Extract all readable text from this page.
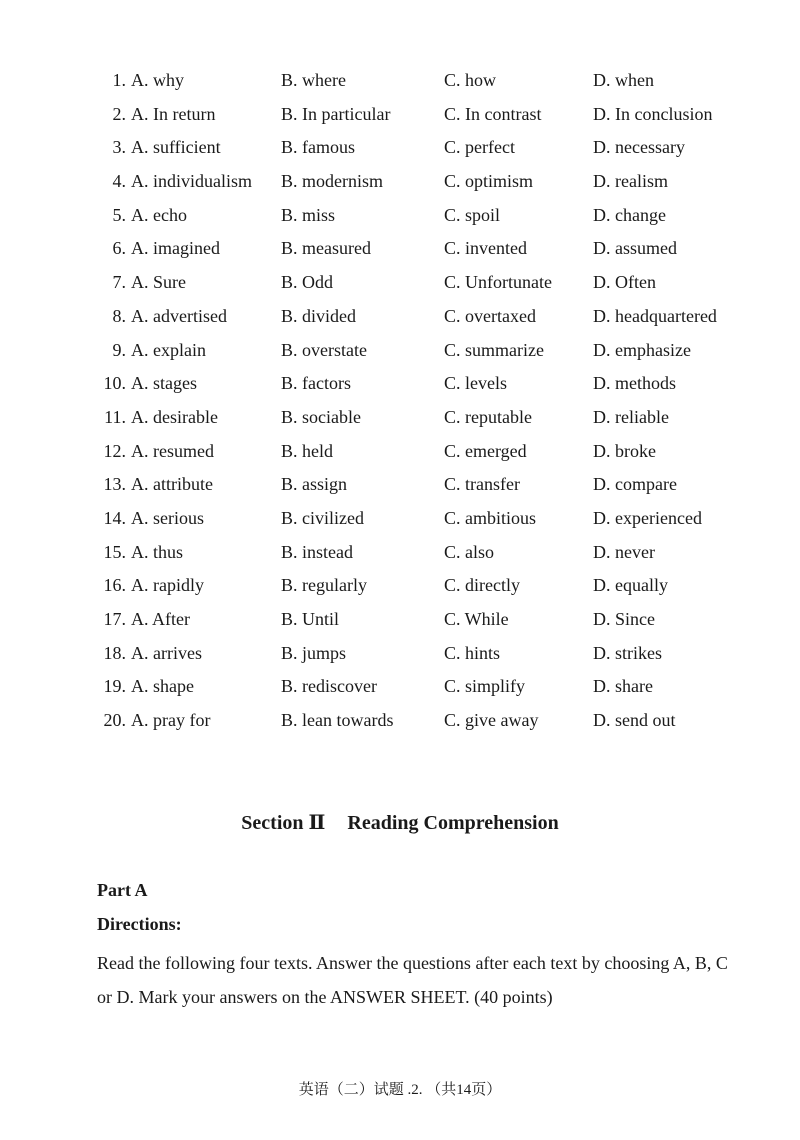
1. A. why	B. where	C. how	D. when
2. A. In return	B. In particular	C. In contrast	D. In conclusion
3. A. sufficient	B. famous	C. perfect	D. necessary
4. A. individualism B. modernism	C. optimism	D. realism
5. A. echo	B. miss	C. spoil	D. change
6. A. imagined	B. measured	C. invented	D. assumed
7. A. Sure	B. Odd	C. Unfortunate D. Often
8. A. advertised	B. divided	C. overtaxed	D. headquartered
9. A. explain	B. overstate	C. summarize	D. emphasize
10. A. stages	B. factors	C. levels	D. methods
11. A. desirable	B. sociable	C. reputable	D. reliable
12. A. resumed	B. held	C. emerged	D. broke
13. A. attribute	B. assign	C. transfer	D. compare
14. A. serious	B. civilized	C. ambitious	D. experienced
15. A. thus	B. instead	C. also	D. never
16. A. rapidly	B. regularly	C. directly	D. equally
17. A. After	B. Until	C. While	D. Since
18. A. arrives	B. jumps	C. hints	D. strikes
19. A. shape	B. rediscover	C. simplify	D. share
20. A. pray for	B. lean towards	C. give away	D. send out
Section Ⅱ Reading Comprehension
Part A
Directions:
Read the following four texts. Answer the questions after each text by choosing A, B, C or D. Mark your answers on the ANSWER SHEET. (40 points)
英语（二）试题 .2. （共14页）
